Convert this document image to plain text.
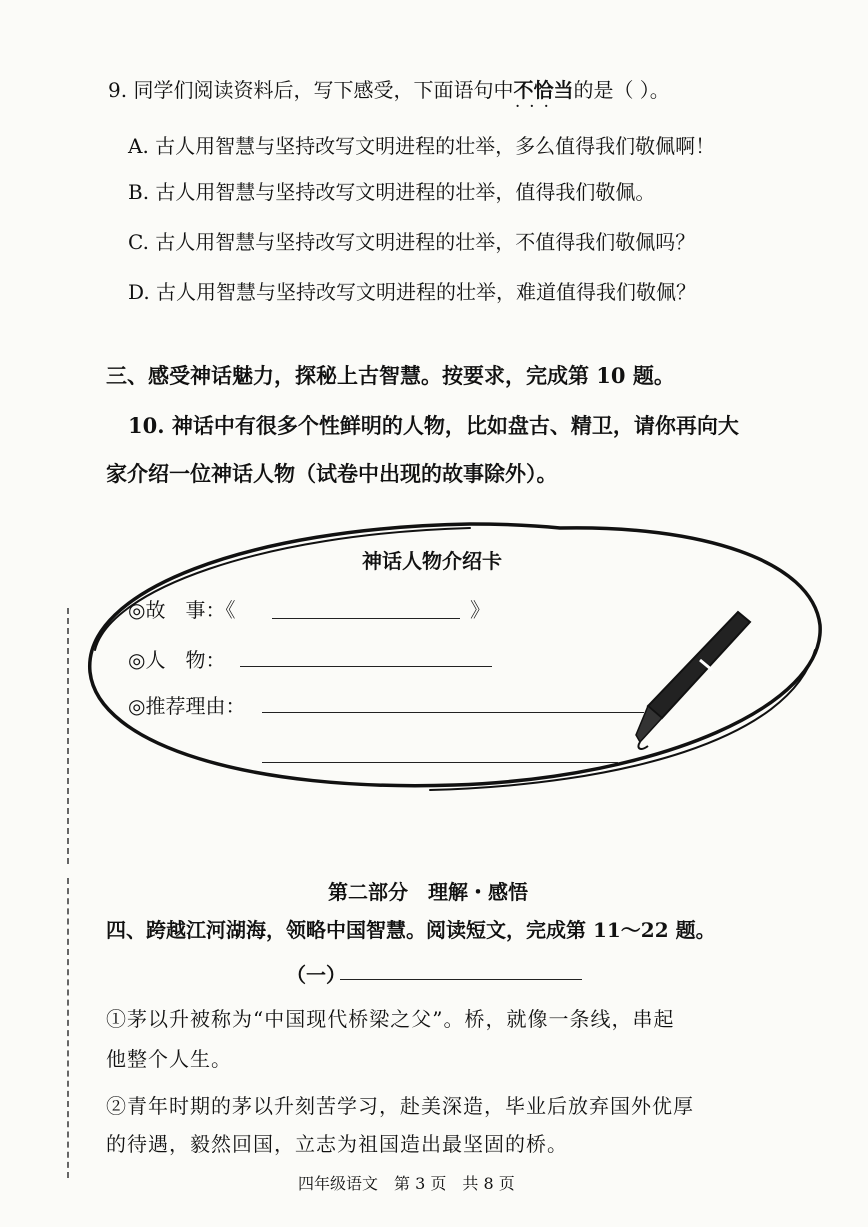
9. 同学们阅读资料后，写下感受，下面语句中不恰当 · · ·的是（ ）。
A. 古人用智慧与坚持改写文明进程的壮举，多么值得我们敬佩啊！
B. 古人用智慧与坚持改写文明进程的壮举，值得我们敬佩。
C. 古人用智慧与坚持改写文明进程的壮举，不值得我们敬佩吗？
D. 古人用智慧与坚持改写文明进程的壮举，难道值得我们敬佩？
三、感受神话魅力，探秘上古智慧。按要求，完成第 10 题。
10. 神话中有很多个性鲜明的人物，比如盘古、精卫，请你再向大
家介绍一位神话人物（试卷中出现的故事除外）。
神话人物介绍卡
◎故　事：《	》
◎人　物：
◎推荐理由：
第二部分　理解・感悟
四、跨越江河湖海，领略中国智慧。阅读短文，完成第 11～22 题。
（一）
①茅以升被称为“中国现代桥梁之父”。桥，就像一条线，串起
他整个人生。
②青年时期的茅以升刻苦学习，赴美深造，毕业后放弃国外优厚
的待遇，毅然回国，立志为祖国造出最坚固的桥。
四年级语文　第 3 页　共 8 页
